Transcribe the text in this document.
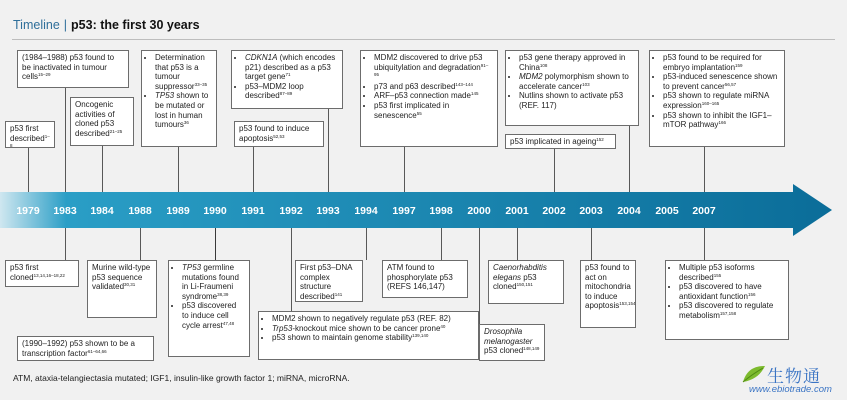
Timeline | p53: the first 30 years
1979 1983 1984 1988 1989 1990 1991 1992 1993 1994 1997 1998 2000 2001 2002 2003 2004 2005 2007
p53 first described$^{1-8}$
(1984–1988) p53 found to be inactivated in tumour cells$^{15-29}$
Oncogenic activities of cloned p53 described$^{21-25}$
• Determination that p53 is a tumour suppressor$^{33-35}$
• TP53 shown to be mutated or lost in human tumours$^{36}$
• CDKN1A (which encodes p21) described as a p53 target gene$^{71}$
• p53–MDM2 loop described$^{87-89}$
p53 found to induce apoptosis$^{52,53}$
• MDM2 discovered to drive p53 ubiquitylation and degradation$^{91-95}$
• p73 and p63 described$^{143-144}$
• ARF–p53 connection made$^{145}$
• p53 first implicated in senescence$^{55}$
p53 implicated in ageing$^{152}$
• p53 gene therapy approved in China$^{108}$
• MDM2 polymorphism shown to accelerate cancer$^{103}$
• Nutlins shown to activate p53 (REF. 117)
• p53 found to be required for embryo implantation$^{159}$
• p53-induced senescence shown to prevent cancer$^{56,57}$
• p53 shown to regulate miRNA expression$^{160-165}$
• p53 shown to inhibit the IGF1–mTOR pathway$^{166}$
p53 first cloned$^{13,14,16-18,22}$
Murine wild-type p53 sequence validated$^{30,31}$
(1990–1992) p53 shown to be a transcription factor$^{61-64,66}$
• TP53 germline mutations found in Li-Fraumeni syndrome$^{38,39}$
• p53 discovered to induce cell cycle arrest$^{47,48}$
• MDM2 shown to negatively regulate p53 (REF. 82)
• Trp53-knockout mice shown to be cancer prone$^{40}$
• p53 shown to maintain genome stability$^{139,140}$
First p53–DNA complex structure described$^{141}$
ATM found to phosphorylate p53 (REFS 146,147)
Drosophila melanogaster p53 cloned$^{148,149}$
Caenorhabditis elegans p53 cloned$^{150,151}$
p53 found to act on mitochondria to induce apoptosis$^{153,154}$
• Multiple p53 isoforms described$^{155}$
• p53 discovered to have antioxidant function$^{156}$
• p53 discovered to regulate metabolism$^{157,158}$
ATM, ataxia-telangiectasia mutated; IGF1, insulin-like growth factor 1; miRNA, microRNA.	生物通
www.ebiotrade.com
